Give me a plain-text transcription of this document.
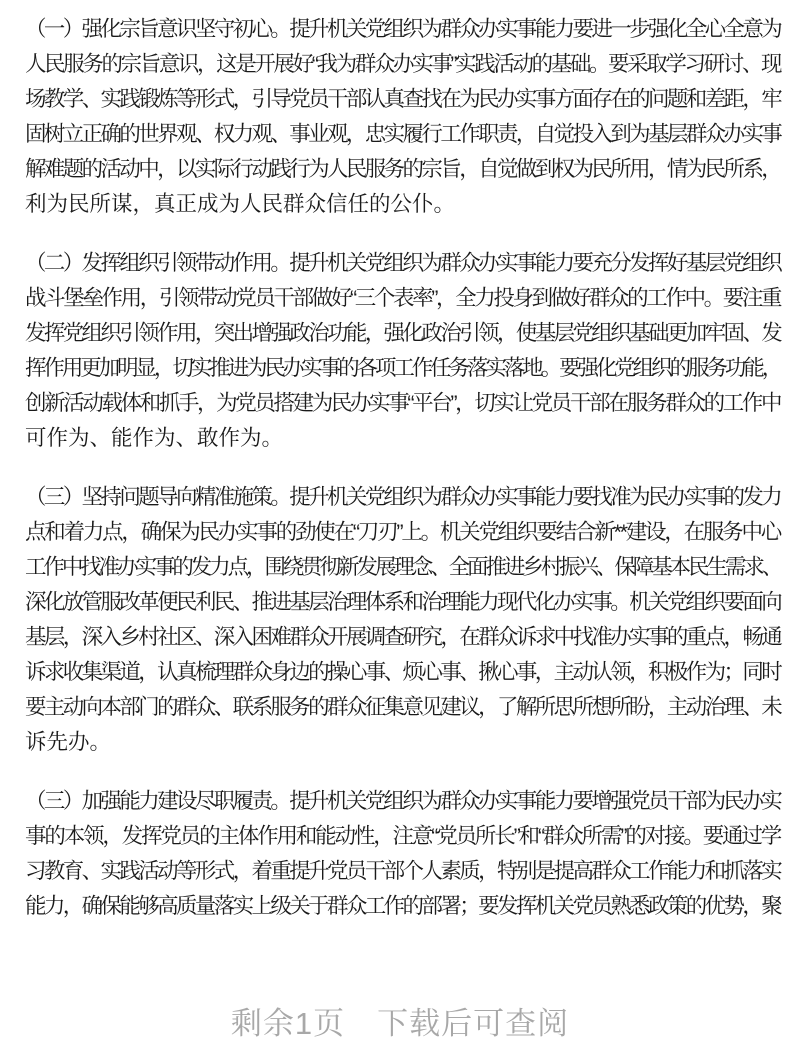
（一）强化宗旨意识坚守初心。提升机关党组织为群众办实事能力要进一步强化全心全意为
人民服务的宗旨意识，这是开展好“我为群众办实事”实践活动的基础。要采取学习研讨、现
场教学、实践锻炼等形式，引导党员干部认真查找在为民办实事方面存在的问题和差距，牢
固树立正确的世界观、权力观、事业观，忠实履行工作职责，自觉投入到为基层群众办实事
解难题的活动中，以实际行动践行为人民服务的宗旨，自觉做到权为民所用，情为民所系，
利为民所谋，真正成为人民群众信任的公仆。
（二）发挥组织引领带动作用。提升机关党组织为群众办实事能力要充分发挥好基层党组织
战斗堡垒作用，引领带动党员干部做好“三个表率”，全力投身到做好群众的工作中。要注重
发挥党组织引领作用，突出增强政治功能，强化政治引领，使基层党组织基础更加牢固、发
挥作用更加明显，切实推进为民办实事的各项工作任务落实落地。要强化党组织的服务功能，
创新活动载体和抓手，为党员搭建为民办实事“平台”，切实让党员干部在服务群众的工作中
可作为、能作为、敢作为。
（三）坚持问题导向精准施策。提升机关党组织为群众办实事能力要找准为民办实事的发力
点和着力点，确保为民办实事的劲使在“刀刃”上。机关党组织要结合新**建设，在服务中心
工作中找准办实事的发力点，围绕贯彻新发展理念、全面推进乡村振兴、保障基本民生需求、
深化放管服改革便民利民、推进基层治理体系和治理能力现代化办实事。机关党组织要面向
基层，深入乡村社区、深入困难群众开展调查研究，在群众诉求中找准办实事的重点，畅通
诉求收集渠道，认真梳理群众身边的操心事、烦心事、揪心事，主动认领，积极作为；同时
要主动向本部门的群众、联系服务的群众征集意见建议，了解所思所想所盼，主动治理、未
诉先办。
（三）加强能力建设尽职履责。提升机关党组织为群众办实事能力要增强党员干部为民办实
事的本领，发挥党员的主体作用和能动性，注意“党员所长”和“群众所需”的对接。要通过学
习教育、实践活动等形式，着重提升党员干部个人素质，特别是提高群众工作能力和抓落实
能力，确保能够高质量落实上级关于群众工作的部署；要发挥机关党员熟悉政策的优势，聚
剩余1页　下载后可查阅
